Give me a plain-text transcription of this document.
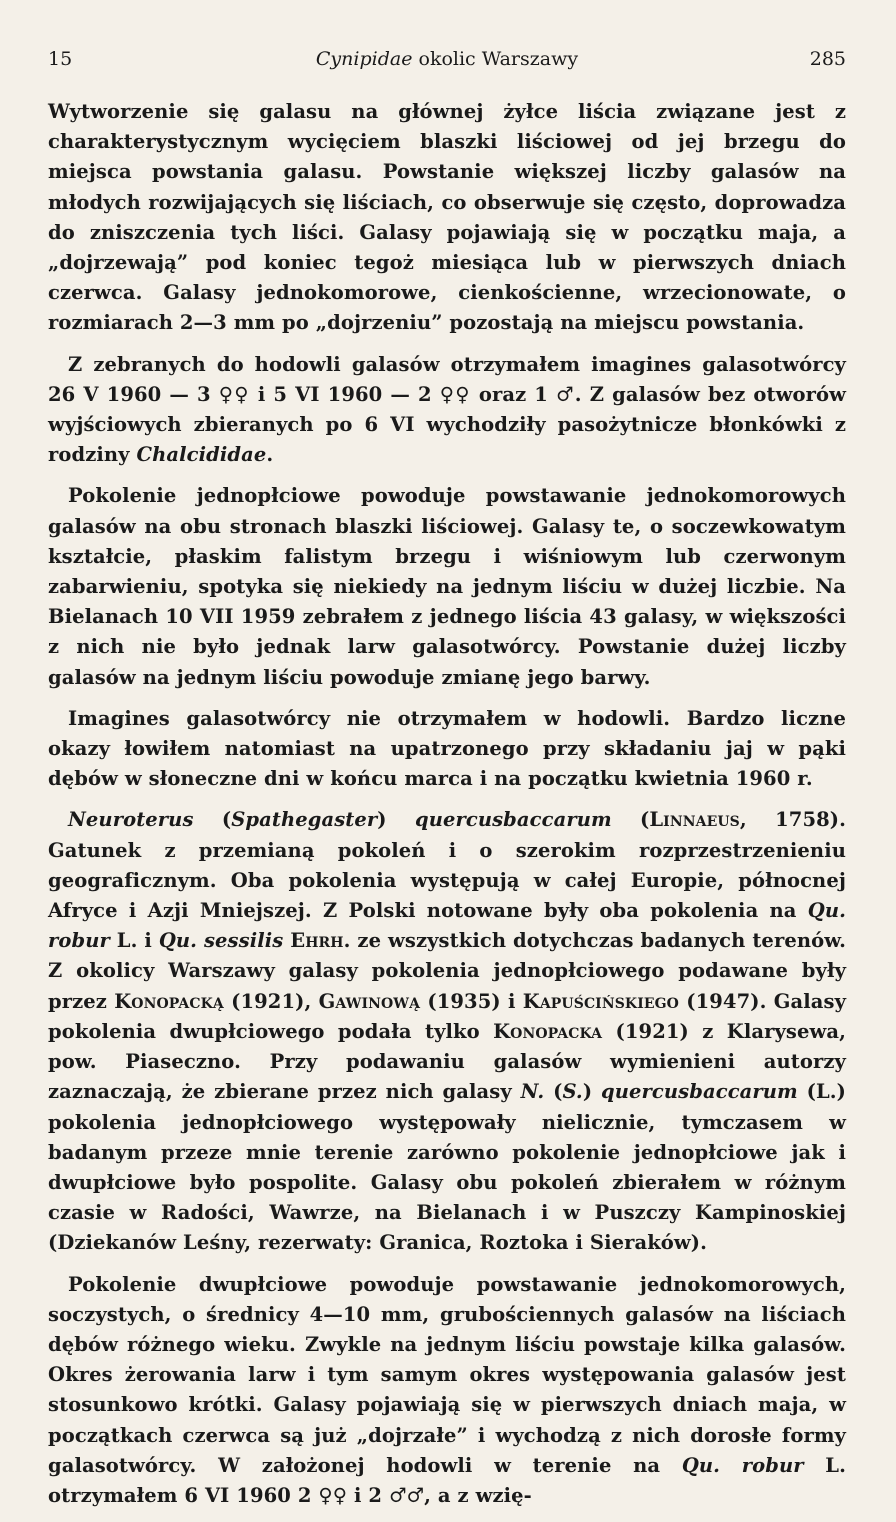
15	Cynipidae okolic Warszawy	285

Wytworzenie się galasu na głównej żyłce liścia związane jest z charakterystycznym wycięciem blaszki liściowej od jej brzegu do miejsca powstania galasu. Powstanie większej liczby galasów na młodych rozwijających się liściach, co obserwuje się często, doprowadza do zniszczenia tych liści. Galasy pojawiają się w początku maja, a „dojrzewają” pod koniec tegoż miesiąca lub w pierwszych dniach czerwca. Galasy jednokomorowe, cienkościenne, wrzecionowate, o rozmiarach 2—3 mm po „dojrzeniu” pozostają na miejscu powstania.

Z zebranych do hodowli galasów otrzymałem imagines galasotwórcy 26 V 1960 — 3 ♀♀ i 5 VI 1960 — 2 ♀♀ oraz 1 ♂. Z galasów bez otworów wyjściowych zbieranych po 6 VI wychodziły pasożytnicze błonkówki z rodziny Chalcididae.

Pokolenie jednopłciowe powoduje powstawanie jednokomorowych galasów na obu stronach blaszki liściowej. Galasy te, o soczewkowatym kształcie, płaskim falistym brzegu i wiśniowym lub czerwonym zabarwieniu, spotyka się niekiedy na jednym liściu w dużej liczbie. Na Bielanach 10 VII 1959 zebrałem z jednego liścia 43 galasy, w większości z nich nie było jednak larw galasotwórcy. Powstanie dużej liczby galasów na jednym liściu powoduje zmianę jego barwy.

Imagines galasotwórcy nie otrzymałem w hodowli. Bardzo liczne okazy łowiłem natomiast na upatrzonego przy składaniu jaj w pąki dębów w słoneczne dni w końcu marca i na początku kwietnia 1960 r.

Neuroterus (Spathegaster) quercusbaccarum (Linnaeus, 1758). Gatunek z przemianą pokoleń i o szerokim rozprzestrzenieniu geograficznym. Oba pokolenia występują w całej Europie, północnej Afryce i Azji Mniejszej. Z Polski notowane były oba pokolenia na Qu. robur L. i Qu. sessilis Ehrh. ze wszystkich dotychczas badanych terenów. Z okolicy Warszawy galasy pokolenia jednopłciowego podawane były przez Konopacką (1921), Gawinową (1935) i Kapuścińskiego (1947). Galasy pokolenia dwupłciowego podała tylko Konopacka (1921) z Klarysewa, pow. Piaseczno. Przy podawaniu galasów wymienieni autorzy zaznaczają, że zbierane przez nich galasy N. (S.) quercusbaccarum (L.) pokolenia jednopłciowego występowały nielicznie, tymczasem w badanym przeze mnie terenie zarówno pokolenie jednopłciowe jak i dwupłciowe było pospolite. Galasy obu pokoleń zbierałem w różnym czasie w Radości, Wawrze, na Bielanach i w Puszczy Kampinoskiej (Dziekanów Leśny, rezerwaty: Granica, Roztoka i Sieraków).

Pokolenie dwupłciowe powoduje powstawanie jednokomorowych, soczystych, o średnicy 4—10 mm, grubościennych galasów na liściach dębów różnego wieku. Zwykle na jednym liściu powstaje kilka galasów. Okres żerowania larw i tym samym okres występowania galasów jest stosunkowo krótki. Galasy pojawiają się w pierwszych dniach maja, w początkach czerwca są już „dojrzałe” i wychodzą z nich dorosłe formy galasotwórcy. W założonej hodowli w terenie na Qu. robur L. otrzymałem 6 VI 1960 2 ♀♀ i 2 ♂♂, a z wzię-
